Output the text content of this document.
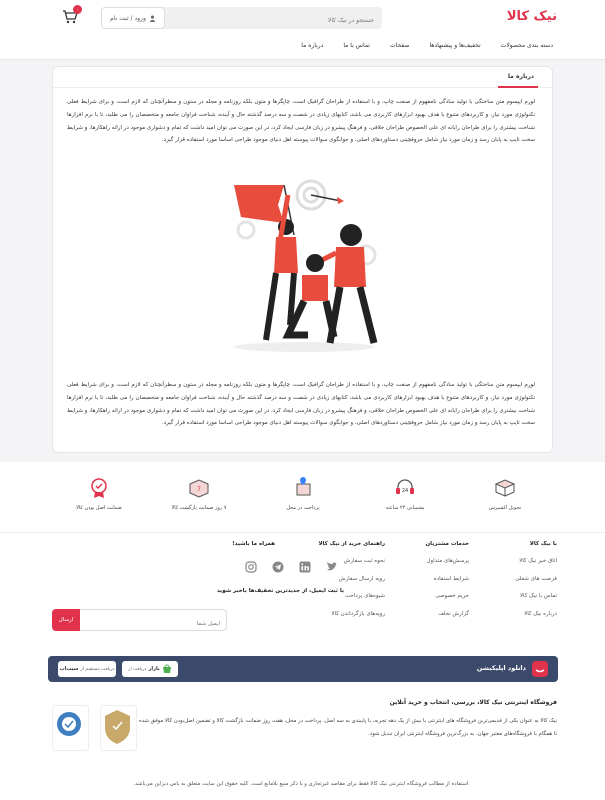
نیک کالا
جستجو در نیک کالا
ورود / ثبت نام
۰
دسته بندی محصولات
تخفیف‌ها و پیشنهادها
صفحات
تماس با ما
درباره ما
درباره ما

لورم ایپسوم متن ساختگی با تولید سادگی نامفهوم از صنعت چاپ، و با استفاده از طراحان گرافیک است، چاپگرها و متون بلکه روزنامه و مجله در ستون و سطرآنچنان که لازم است، و برای شرایط فعلی تکنولوژی مورد نیاز، و کاربردهای متنوع با هدف بهبود ابزارهای کاربردی می باشد، کتابهای زیادی در شصت و سه درصد گذشته حال و آینده، شناخت فراوان جامعه و متخصصان را می طلبد، تا با نرم افزارها شناخت بیشتری را برای طراحان رایانه ای علی الخصوص طراحان خلاقی، و فرهنگ پیشرو در زبان فارسی ایجاد کرد، در این صورت می توان امید داشت که تمام و دشواری موجود در ارائه راهکارها، و شرایط سخت تایپ به پایان رسد و زمان مورد نیاز شامل حروفچینی دستاوردهای اصلی، و جوابگوی سوالات پیوسته اهل دنیای موجود طراحی اساسا مورد استفاده قرار گیرد.

لورم ایپسوم متن ساختگی با تولید سادگی نامفهوم از صنعت چاپ، و با استفاده از طراحان گرافیک است، چاپگرها و متون بلکه روزنامه و مجله در ستون و سطرآنچنان که لازم است، و برای شرایط فعلی تکنولوژی مورد نیاز، و کاربردهای متنوع با هدف بهبود ابزارهای کاربردی می باشد، کتابهای زیادی در شصت و سه درصد گذشته حال و آینده، شناخت فراوان جامعه و متخصصان را می طلبد، تا با نرم افزارها شناخت بیشتری را برای طراحان رایانه ای علی الخصوص طراحان خلاقی، و فرهنگ پیشرو در زبان فارسی ایجاد کرد، در این صورت می توان امید داشت که تمام و دشواری موجود در ارائه راهکارها، و شرایط سخت تایپ به پایان رسد و زمان مورد نیاز شامل حروفچینی دستاوردهای اصلی، و جوابگوی سوالات پیوسته اهل دنیای موجود طراحی اساسا مورد استفاده قرار گیرد.

تحویل اکسپرس
24
پشتیبانی ۲۴ ساعته
پرداخت در محل
7
۷ روز ضمانت بازگشت کالا
ضمانت اصل بودن کالا
با نیک کالا
اتاق خبر نیک کالا
فرصت های شغلی
تماس با نیک کالا
درباره نیک کالا
خدمات مشتریان
پرسش‌های متداول
شرایط استفاده
حریم خصوصی
گزارش تخلف
راهنمای خرید از نیک کالا
نحوه ثبت سفارش
رویه ارسال سفارش
شیوه‌های پرداخت
رویه‌های بازگرداندن کالا
همراه ما باشید!
با ثبت ایمیل، از جدیدترین تخفیف‌ها باخبر شوید
ایمیل شما
ارسال
دانلود اپلیکیشن
بازار
دریافت از
دریافت مستقیم از
سیب‌اپ
فروشگاه اینترنتی نیک کالا، بررسی، انتخاب و خرید آنلاین

نیک کالا به عنوان یکی از قدیمی‌ترین فروشگاه های اینترنتی با بیش از یک دهه تجربه، با پایبندی به سه اصل، پرداخت در محل، هفت روز ضمانت بازگشت کالا و تضمین اصل‌بودن کالا موفق شده تا همگام با فروشگاه‌های معتبر جهان، به بزرگ‌ترین فروشگاه اینترنتی ایران تبدیل شود.

استفاده از مطالب فروشگاه اینترنتی نیک کالا فقط برای مقاصد غیرتجاری و با ذکر منبع بلامانع است. کلیه حقوق این سایت متعلق به باس دیزاین می‌باشد.
